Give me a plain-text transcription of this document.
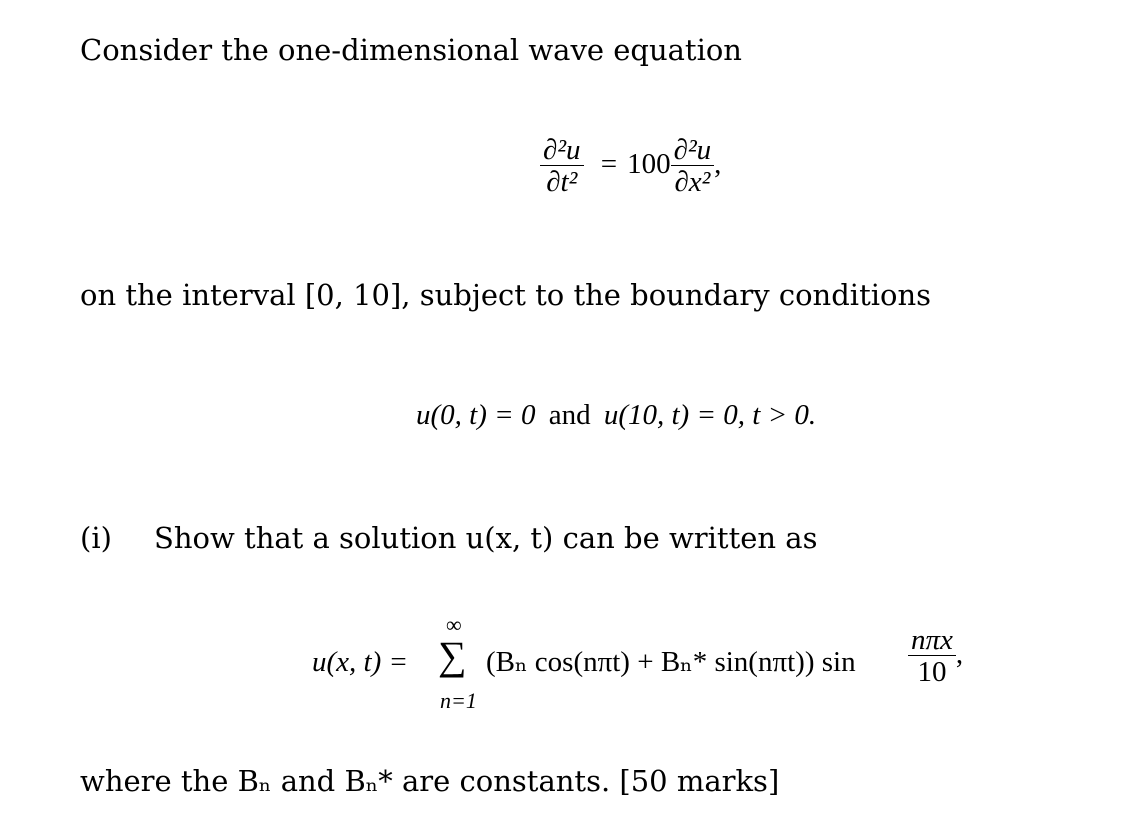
Consider the one-dimensional wave equation
$\frac{\text{∂²u}}{\text{∂t²}} = 100 \frac{\text{∂²u}}{\text{∂x²}}$ ,
on the interval [0, 10], subject to the boundary conditions
u(0, t) = 0 and u(10, t) = 0, t > 0.
(i) Show that a solution u(x, t) can be written as
u(x, t) =
∞
∑
n=1
(Bₙ cos(nπt) + Bₙ* sin(nπt)) $\sin \frac{\text{nπx}}{10}$ ,
where the Bₙ and Bₙ* are constants. [50 marks]
